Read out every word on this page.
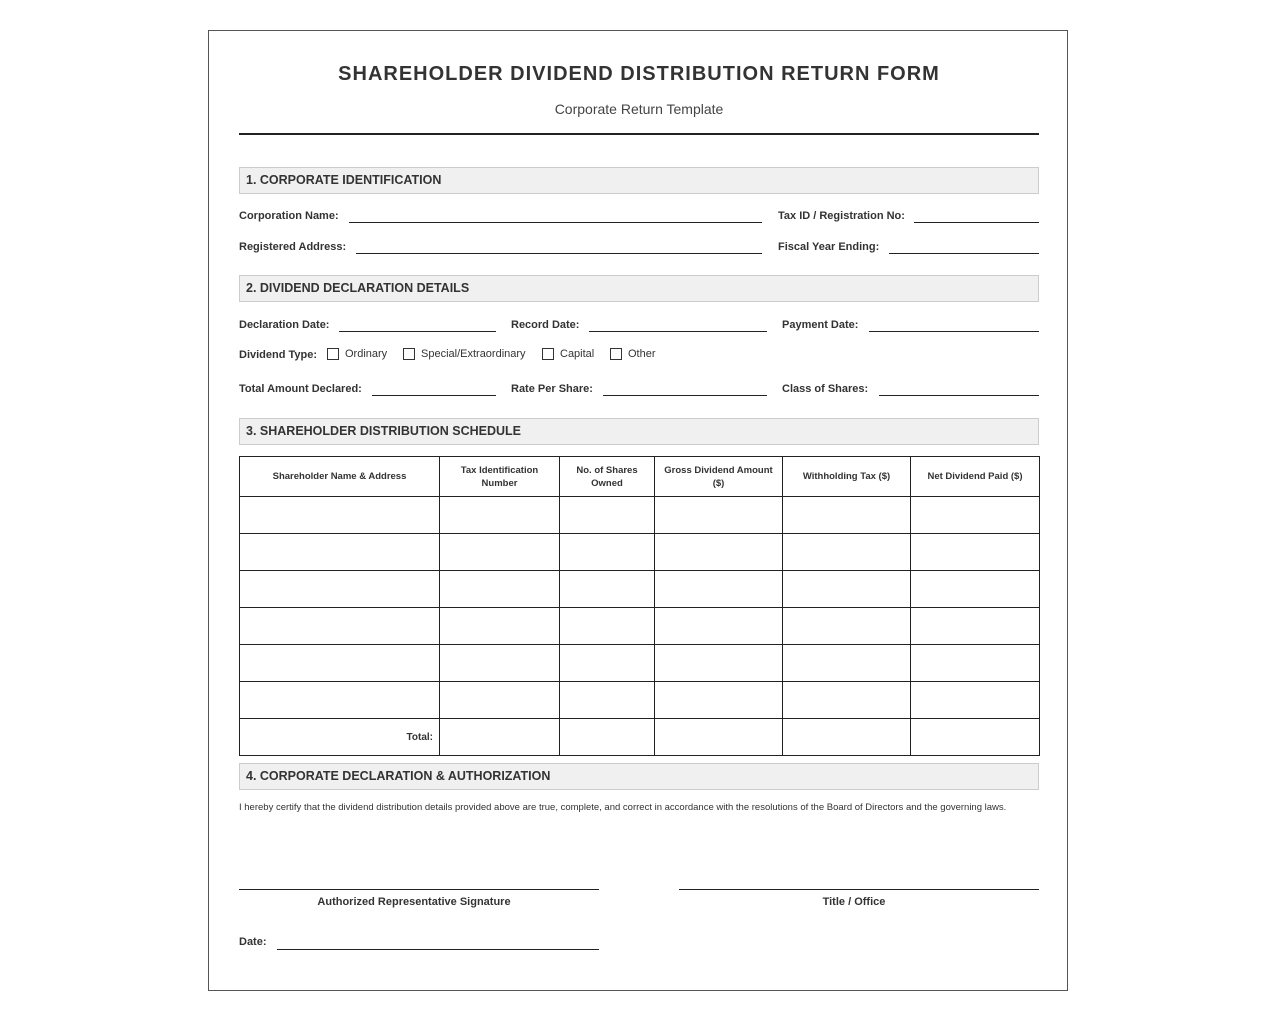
SHAREHOLDER DIVIDEND DISTRIBUTION RETURN FORM
Corporate Return Template
1. CORPORATE IDENTIFICATION
Corporation Name:	Tax ID / Registration No:
Registered Address:	Fiscal Year Ending:
2. DIVIDEND DECLARATION DETAILS
Declaration Date:	Record Date:	Payment Date:
Dividend Type:	Ordinary	Special/Extraordinary	Capital	Other
Total Amount Declared:	Rate Per Share:	Class of Shares:
3. SHAREHOLDER DISTRIBUTION SCHEDULE
Shareholder Name & Address	Tax Identification Number	No. of Shares Owned	Gross Dividend Amount ($)	Withholding Tax ($)	Net Dividend Paid ($)

Total:					
4. CORPORATE DECLARATION & AUTHORIZATION
I hereby certify that the dividend distribution details provided above are true, complete, and correct in accordance with the resolutions of the Board of Directors and the governing laws.
Authorized Representative Signature	Title / Office
Date:
